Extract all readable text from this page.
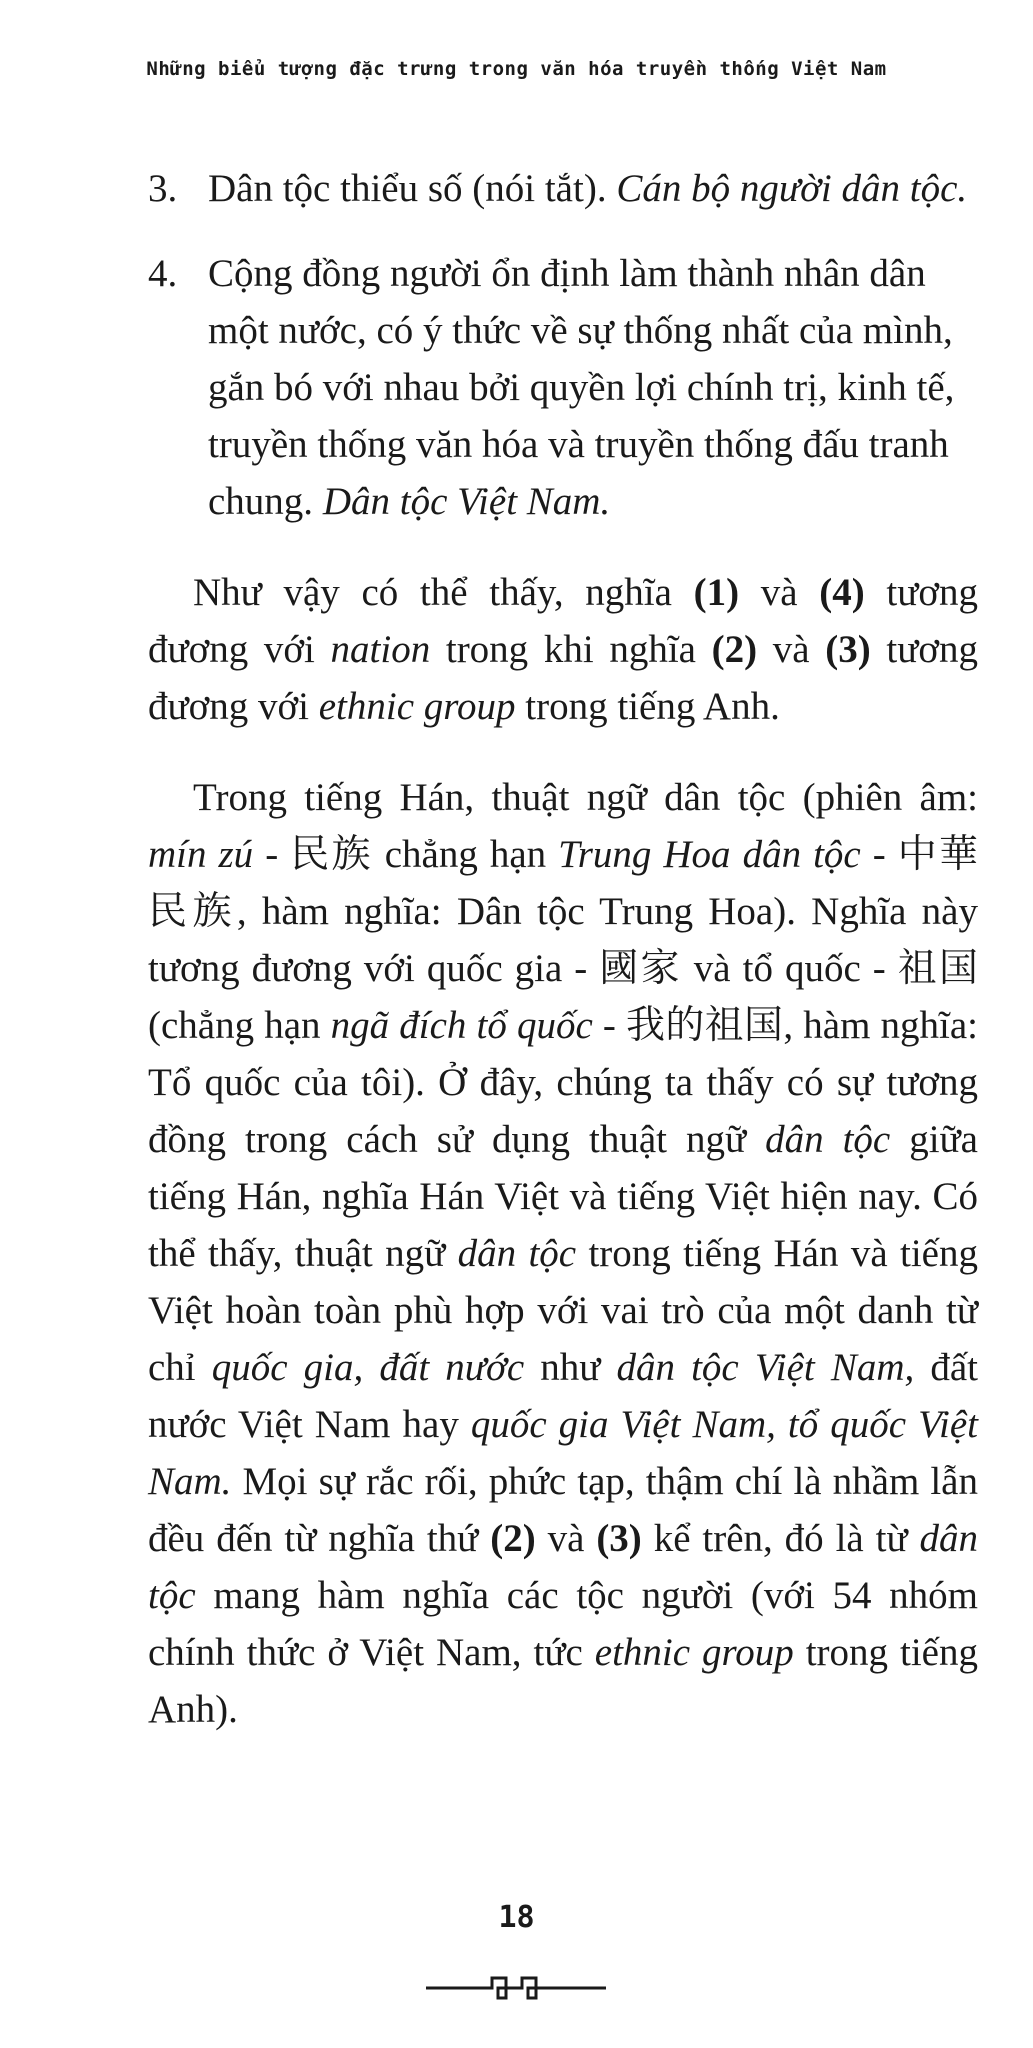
Những biểu tượng đặc trưng trong văn hóa truyền thống Việt Nam
3. Dân tộc thiểu số (nói tắt). Cán bộ người dân tộc.
4. Cộng đồng người ổn định làm thành nhân dân một nước, có ý thức về sự thống nhất của mình, gắn bó với nhau bởi quyền lợi chính trị, kinh tế, truyền thống văn hóa và truyền thống đấu tranh chung. Dân tộc Việt Nam.

Như vậy có thể thấy, nghĩa (1) và (4) tương đương với nation trong khi nghĩa (2) và (3) tương đương với ethnic group trong tiếng Anh.

Trong tiếng Hán, thuật ngữ dân tộc (phiên âm: mín zú - 民族 chẳng hạn Trung Hoa dân tộc - 中華民族, hàm nghĩa: Dân tộc Trung Hoa). Nghĩa này tương đương với quốc gia - 國家 và tổ quốc - 祖国 (chẳng hạn ngã đích tổ quốc - 我的祖国, hàm nghĩa: Tổ quốc của tôi). Ở đây, chúng ta thấy có sự tương đồng trong cách sử dụng thuật ngữ dân tộc giữa tiếng Hán, nghĩa Hán Việt và tiếng Việt hiện nay. Có thể thấy, thuật ngữ dân tộc trong tiếng Hán và tiếng Việt hoàn toàn phù hợp với vai trò của một danh từ chỉ quốc gia, đất nước như dân tộc Việt Nam, đất nước Việt Nam hay quốc gia Việt Nam, tổ quốc Việt Nam. Mọi sự rắc rối, phức tạp, thậm chí là nhầm lẫn đều đến từ nghĩa thứ (2) và (3) kể trên, đó là từ dân tộc mang hàm nghĩa các tộc người (với 54 nhóm chính thức ở Việt Nam, tức ethnic group trong tiếng Anh).

18
